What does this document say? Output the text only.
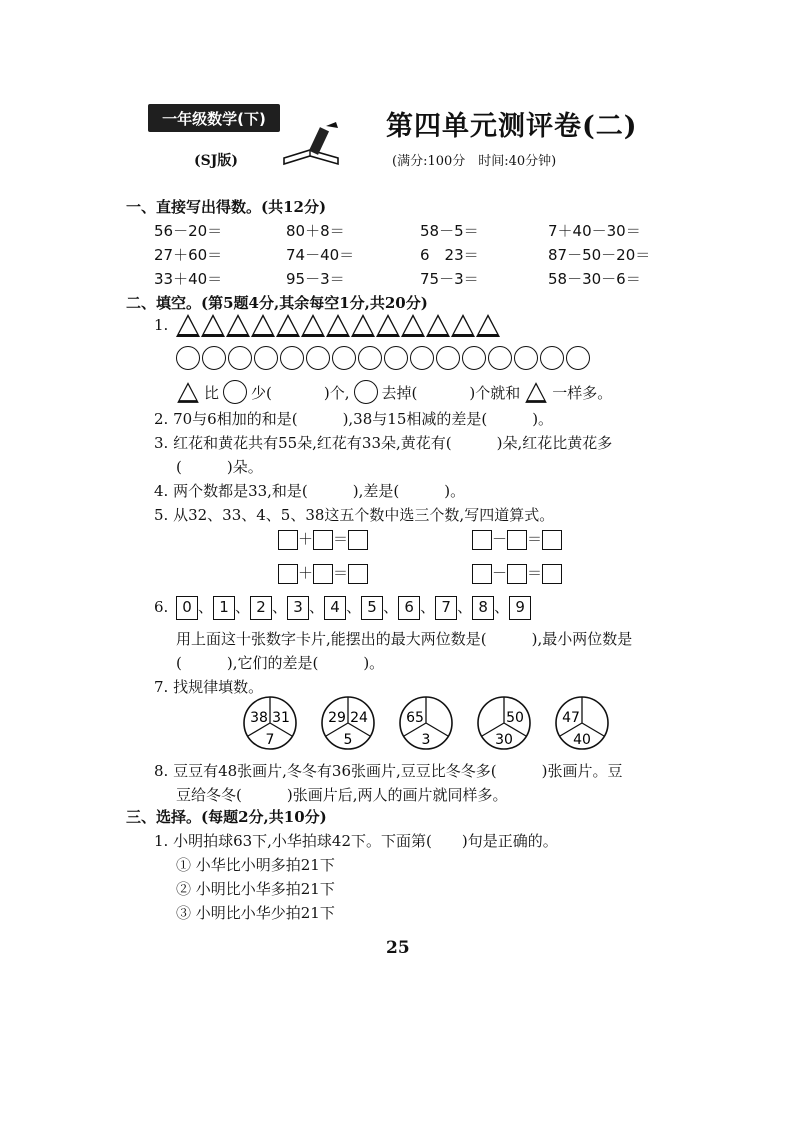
一年级数学(下)
(SJ版)
第四单元测评卷(二)
(满分:100分　时间:40分钟)
一、直接写出得数。(共12分)
56－20＝	80＋8＝	58－5＝	7＋40－30＝
27＋60＝	74－40＝	6　23＝	87－50－20＝
33＋40＝	95－3＝	75－3＝	58－30－6＝
二、填空。(第5题4分,其余每空1分,共20分)
1.
比 少(	)个, 去掉(	)个就和 一样多。
2. 70与6相加的和是(　　　),38与15相减的差是(　　　)。
3. 红花和黄花共有55朵,红花有33朵,黄花有(　　　)朵,红花比黄花多
(　　　)朵。
4. 两个数都是33,和是(　　　),差是(　　　)。
5. 从32、33、4、5、38这五个数中选三个数,写四道算式。
＋ ＝	－ ＝
＋ ＝	－ ＝
6. 0 、 1 、 2 、 3 、 4 、 5 、 6 、 7 、 8 、 9
用上面这十张数字卡片,能摆出的最大两位数是(　　　),最小两位数是
(　　　),它们的差是(　　　)。
7. 找规律填数。
38 31
7
29 24
5
65
3
50
30
47
40
8. 豆豆有48张画片,冬冬有36张画片,豆豆比冬冬多(　　　)张画片。豆
豆给冬冬(　　　)张画片后,两人的画片就同样多。
三、选择。(每题2分,共10分)
1. 小明拍球63下,小华拍球42下。下面第(　　)句是正确的。
① 小华比小明多拍21下
② 小明比小华多拍21下
③ 小明比小华少拍21下
25
